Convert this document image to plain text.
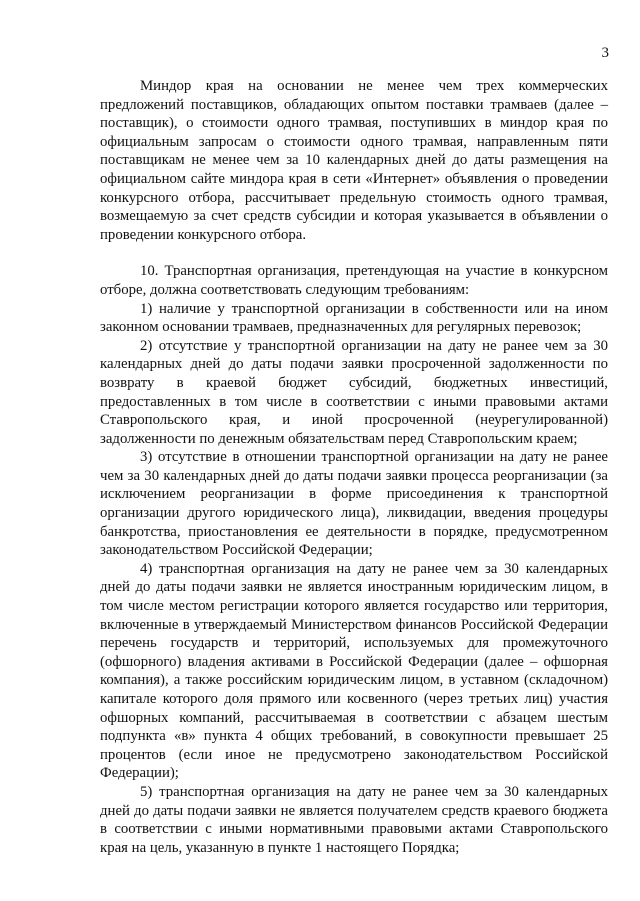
3

Миндор края на основании не менее чем трех коммерческих предложений поставщиков, обладающих опытом поставки трамваев (далее – поставщик), о стоимости одного трамвая, поступивших в миндор края по официальным запросам о стоимости одного трамвая, направленным пяти поставщикам не менее чем за 10 календарных дней до даты размещения на официальном сайте миндора края в сети «Интернет» объявления о проведении конкурсного отбора, рассчитывает предельную стоимость одного трамвая, возмещаемую за счет средств субсидии и которая указывается в объявлении о проведении конкурсного отбора.

10. Транспортная организация, претендующая на участие в конкурсном отборе, должна соответствовать следующим требованиям:

1) наличие у транспортной организации в собственности или на ином законном основании трамваев, предназначенных для регулярных перевозок;

2) отсутствие у транспортной организации на дату не ранее чем за 30 календарных дней до даты подачи заявки просроченной задолженности по возврату в краевой бюджет субсидий, бюджетных инвестиций, предоставленных в том числе в соответствии с иными правовыми актами Ставропольского края, и иной просроченной (неурегулированной) задолженности по денежным обязательствам перед Ставропольским краем;

3) отсутствие в отношении транспортной организации на дату не ранее чем за 30 календарных дней до даты подачи заявки процесса реорганизации (за исключением реорганизации в форме присоединения к транспортной организации другого юридического лица), ликвидации, введения процедуры банкротства, приостановления ее деятельности в порядке, предусмотренном законодательством Российской Федерации;

4) транспортная организация на дату не ранее чем за 30 календарных дней до даты подачи заявки не является иностранным юридическим лицом, в том числе местом регистрации которого является государство или территория, включенные в утверждаемый Министерством финансов Российской Федерации перечень государств и территорий, используемых для промежуточного (офшорного) владения активами в Российской Федерации (далее – офшорная компания), а также российским юридическим лицом, в уставном (складочном) капитале которого доля прямого или косвенного (через третьих лиц) участия офшорных компаний, рассчитываемая в соответствии с абзацем шестым подпункта «в» пункта 4 общих требований, в совокупности превышает 25 процентов (если иное не предусмотрено законодательством Российской Федерации);

5) транспортная организация на дату не ранее чем за 30 календарных дней до даты подачи заявки не является получателем средств краевого бюджета в соответствии с иными нормативными правовыми актами Ставропольского края на цель, указанную в пункте 1 настоящего Порядка;
